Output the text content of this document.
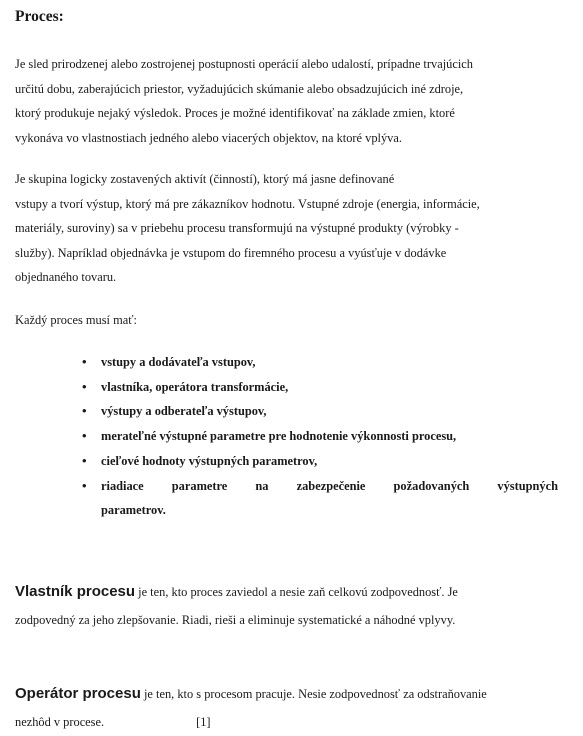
Proces:

Je sled prirodzenej alebo zostrojenej postupnosti operácií alebo udalostí, prípadne trvajúcich
určitú dobu, zaberajúcich priestor, vyžadujúcich skúmanie alebo obsadzujúcich iné zdroje,
ktorý produkuje nejaký výsledok. Proces je možné identifikovať na základe zmien, ktoré
vykonáva vo vlastnostiach jedného alebo viacerých objektov, na ktoré vplýva.

Je skupina logicky zostavených aktivít (činností), ktorý má jasne definované
vstupy a tvorí výstup, ktorý má pre zákazníkov hodnotu. Vstupné zdroje (energia, informácie,
materiály, suroviny) sa v priebehu procesu transformujú na výstupné produkty (výrobky -
služby). Napríklad objednávka je vstupom do firemného procesu a vyúsťuje v dodávke
objednaného tovaru.

Každý proces musí mať:

• vstupy a dodávateľa vstupov,
• vlastníka, operátora transformácie,
• výstupy a odberateľa výstupov,
• merateľné výstupné parametre pre hodnotenie výkonnosti procesu,
• cieľové hodnoty výstupných parametrov,
• riadiace parametre na zabezpečenie požadovaných výstupných
parametrov.

Vlastník procesu je ten, kto proces zaviedol a nesie zaň celkovú zodpovednosť. Je
zodpovedný za jeho zlepšovanie. Riadi, rieši a eliminuje systematické a náhodné vplyvy.

Operátor procesu je ten, kto s procesom pracuje. Nesie zodpovednosť za odstraňovanie
nezhôd v procese.	[1]
